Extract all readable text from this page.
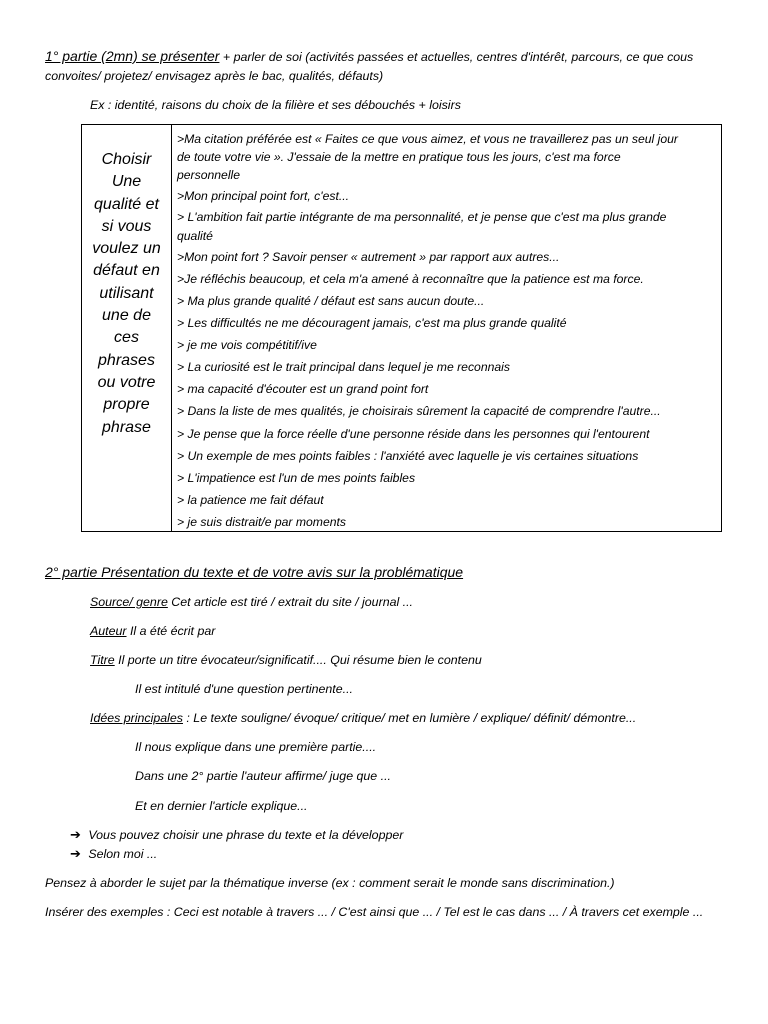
1° partie (2mn) se présenter + parler de soi (activités passées et actuelles, centres d'intérêt, parcours, ce que cous
convoites/ projetez/ envisagez après le bac, qualités, défauts)
Ex : identité, raisons du choix de la filière et ses débouchés + loisirs
Choisir
Une
qualité et
si vous
voulez un
défaut en
utilisant
une de
ces
phrases
ou votre
propre
phrase
>Ma citation préférée est « Faites ce que vous aimez, et vous ne travaillerez pas un seul jour
de toute votre vie ». J'essaie de la mettre en pratique tous les jours, c'est ma force
personnelle
>Mon principal point fort, c'est...
> L'ambition fait partie intégrante de ma personnalité, et je pense que c'est ma plus grande
qualité
>Mon point fort ? Savoir penser « autrement » par rapport aux autres...
>Je réfléchis beaucoup, et cela m'a amené à reconnaître que la patience est ma force.
> Ma plus grande qualité / défaut est sans aucun doute...
> Les difficultés ne me découragent jamais, c'est ma plus grande qualité
> je me vois compétitif/ive
> La curiosité est le trait principal dans lequel je me reconnais
> ma capacité d'écouter est un grand point fort
> Dans la liste de mes qualités, je choisirais sûrement la capacité de comprendre l'autre...
> Je pense que la force réelle d'une personne réside dans les personnes qui l'entourent
> Un exemple de mes points faibles : l'anxiété avec laquelle je vis certaines situations
> L'impatience est l'un de mes points faibles
> la patience me fait défaut
> je suis distrait/e par moments
2° partie Présentation du texte et de votre avis sur la problématique
Source/ genre Cet article est tiré / extrait du site / journal ...
Auteur Il a été écrit par
Titre Il porte un titre évocateur/significatif.... Qui résume bien le contenu
Il est intitulé d'une question pertinente...
Idées principales : Le texte souligne/ évoque/ critique/ met en lumière / explique/ définit/ démontre...
Il nous explique dans une première partie....
Dans une 2° partie l'auteur affirme/ juge que ...
Et en dernier l'article explique...
➔ Vous pouvez choisir une phrase du texte et la développer
➔ Selon moi ...
Pensez à aborder le sujet par la thématique inverse (ex : comment serait le monde sans discrimination.)
Insérer des exemples : Ceci est notable à travers ... / C'est ainsi que ... / Tel est le cas dans ... / À travers cet exemple ...
